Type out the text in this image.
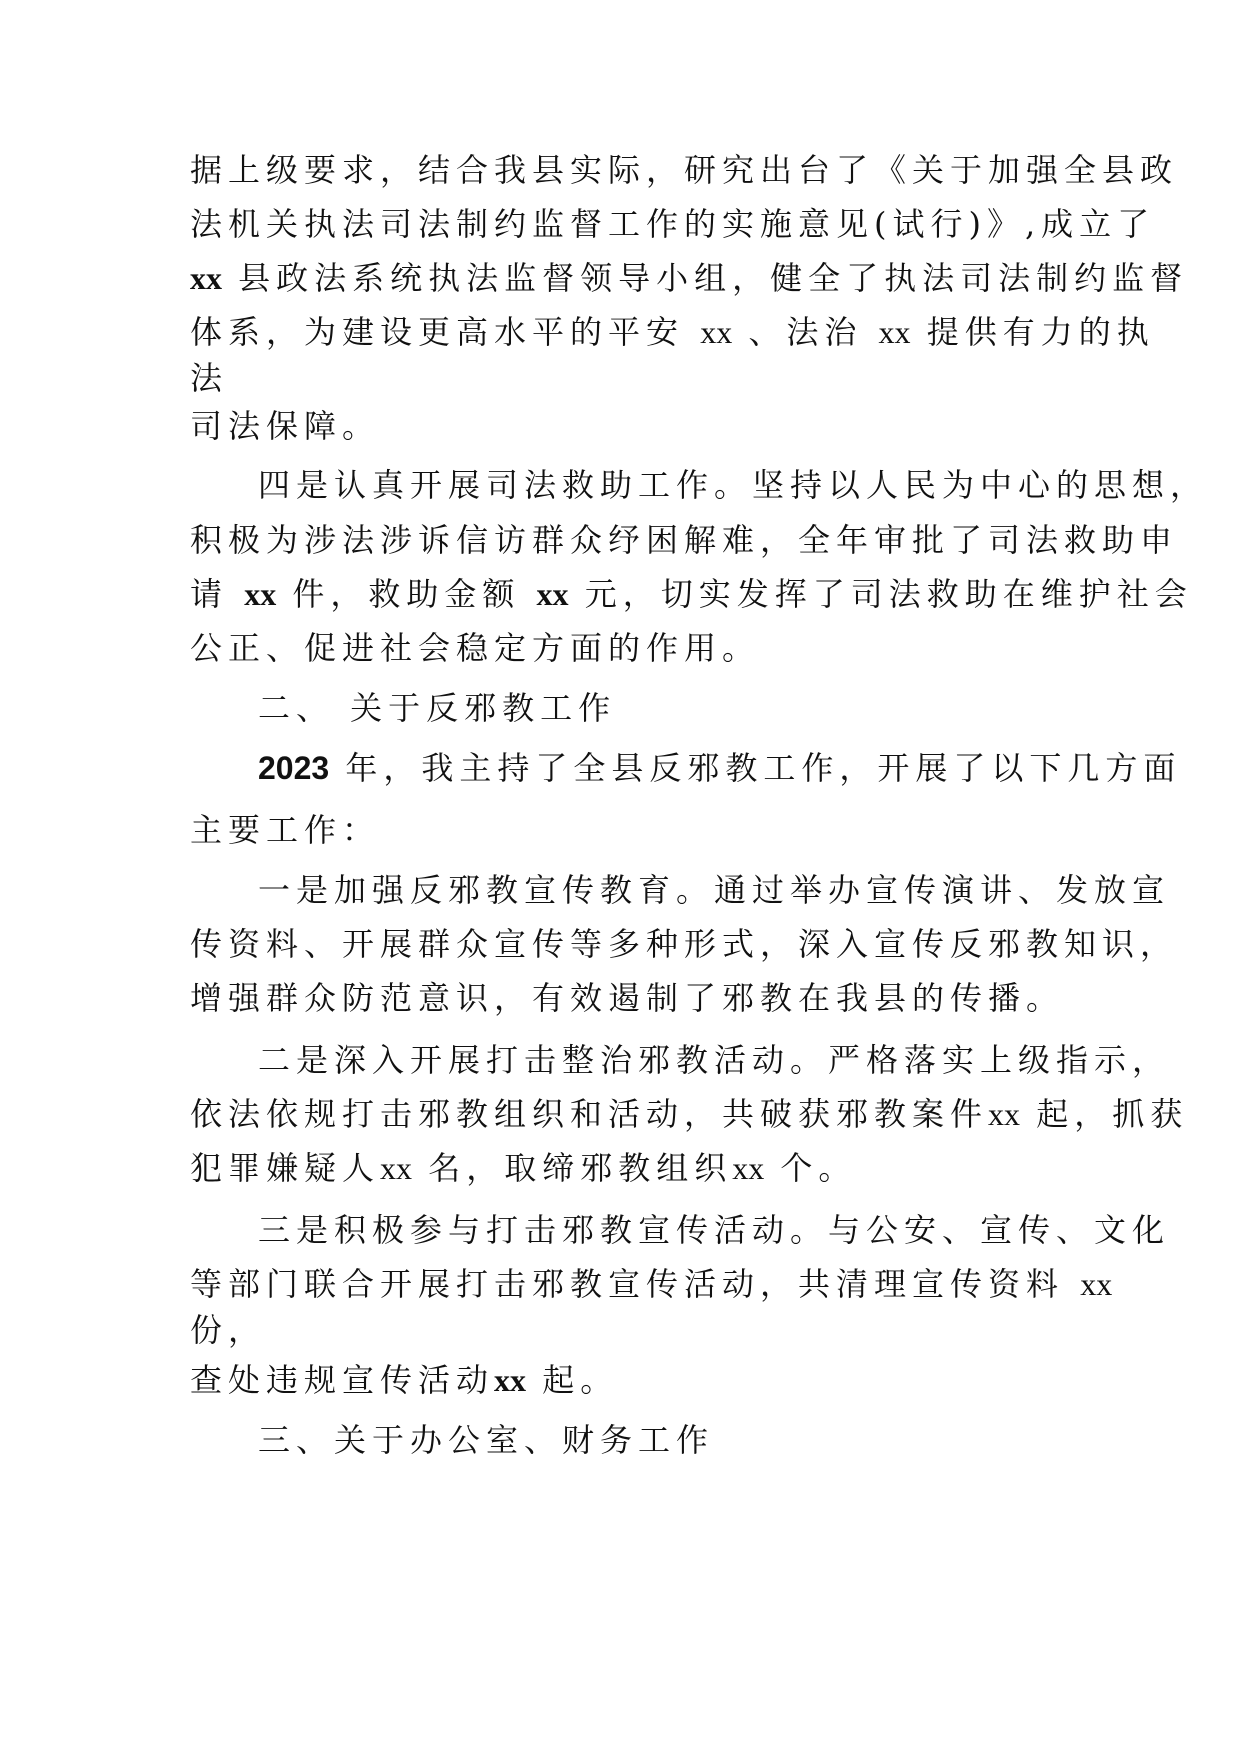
据上级要求，结合我县实际，研究出台了《关于加强全县政
法机关执法司法制约监督工作的实施意见(试行)》,成立了
xx 县政法系统执法监督领导小组，健全了执法司法制约监督
体系，为建设更高水平的平安 xx 、法治 xx 提供有力的执
法
司法保障。
四是认真开展司法救助工作。坚持以人民为中心的思想，
积极为涉法涉诉信访群众纾困解难，全年审批了司法救助申
请 xx 件，救助金额 xx 元，切实发挥了司法救助在维护社会
公正、促进社会稳定方面的作用。
二、 关于反邪教工作
2023 年，我主持了全县反邪教工作，开展了以下几方面
主要工作：
一是加强反邪教宣传教育。通过举办宣传演讲、发放宣
传资料、开展群众宣传等多种形式，深入宣传反邪教知识，
增强群众防范意识，有效遏制了邪教在我县的传播。
二是深入开展打击整治邪教活动。严格落实上级指示，
依法依规打击邪教组织和活动，共破获邪教案件xx 起，抓获
犯罪嫌疑人xx 名，取缔邪教组织xx 个。
三是积极参与打击邪教宣传活动。与公安、宣传、文化
等部门联合开展打击邪教宣传活动，共清理宣传资料 xx
份，
查处违规宣传活动xx 起。
三、关于办公室、财务工作
